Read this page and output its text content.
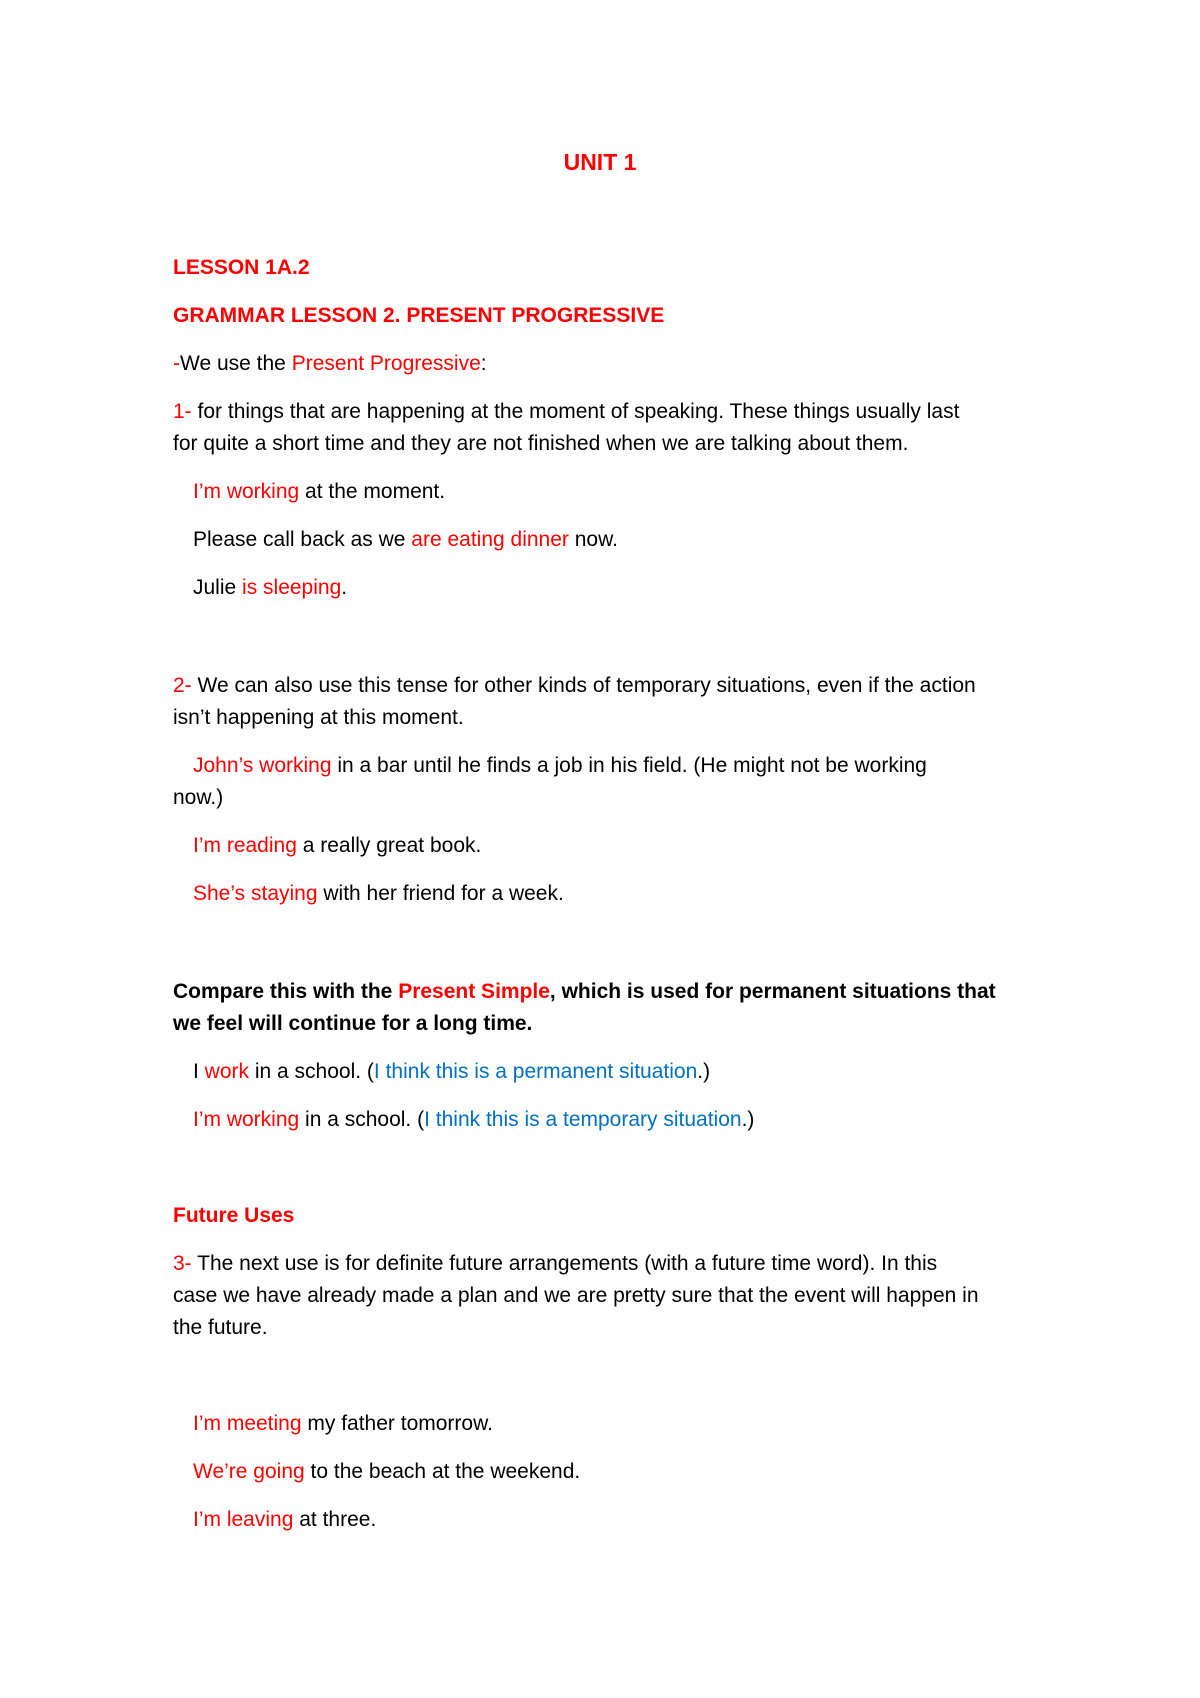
UNIT 1
LESSON 1A.2
GRAMMAR LESSON 2. PRESENT PROGRESSIVE
-We use the Present Progressive:
1- for things that are happening at the moment of speaking. These things usually last
for quite a short time and they are not finished when we are talking about them.
I’m working at the moment.
Please call back as we are eating dinner now.
Julie is sleeping.
2- We can also use this tense for other kinds of temporary situations, even if the action
isn’t happening at this moment.
John’s working in a bar until he finds a job in his field. (He might not be working
now.)
I’m reading a really great book.
She’s staying with her friend for a week.
Compare this with the Present Simple, which is used for permanent situations that
we feel will continue for a long time.
I work in a school. (I think this is a permanent situation.)
I’m working in a school. (I think this is a temporary situation.)
Future Uses
3- The next use is for definite future arrangements (with a future time word). In this
case we have already made a plan and we are pretty sure that the event will happen in
the future.
I’m meeting my father tomorrow.
We’re going to the beach at the weekend.
I’m leaving at three.
